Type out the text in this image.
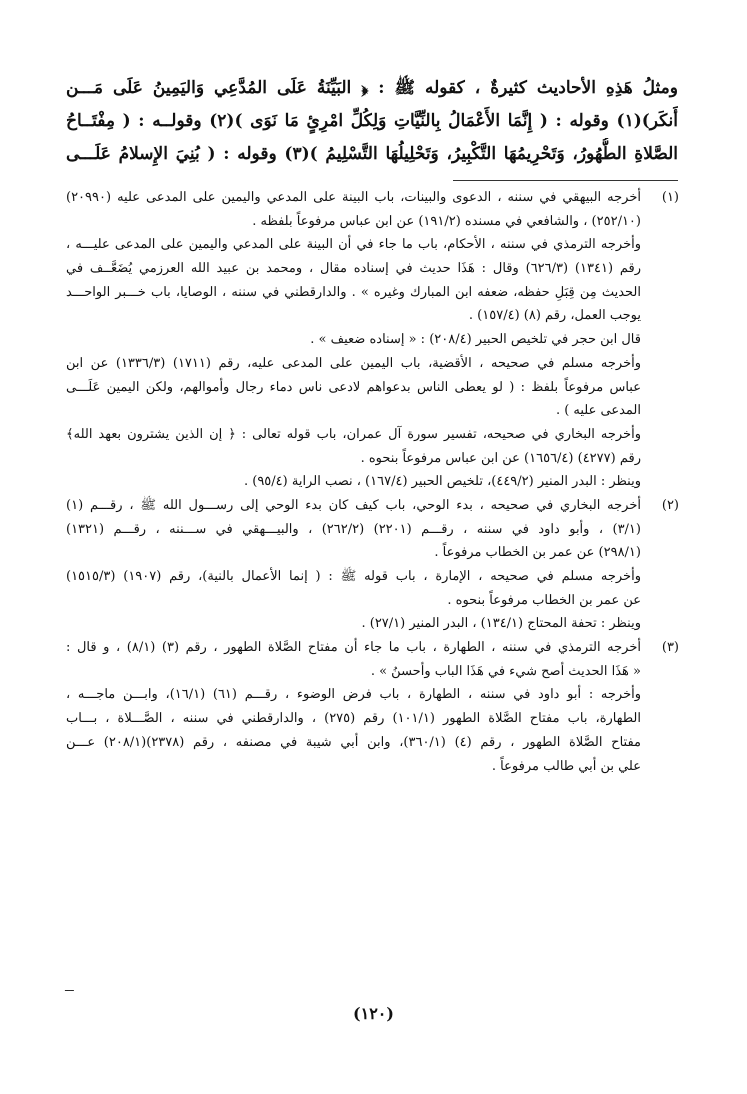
ومثلُ هَذِهِ الأحاديث كثيرةٌ ، كقوله ﷺ : ﴿ البَيِّنَةُ عَلَى المُدَّعِي وَاليَمِينُ عَلَى مَـــن
أَنكَر)(١) وقوله : ( إِنَّمَا الأَعْمَالُ بِالنِّيَّاتِ وَلِكُلِّ امْرِئٍ مَا نَوَى )(٢) وقولــه : ( مِفْتَــاحُ
الصَّلاةِ الطُّهُورُ، وَتَحْرِيمُهَا التَّكْبِيرُ، وَتَحْلِيلُهَا التَّسْلِيمُ )(٣) وقوله : ( بُنِيَ الإِسلامُ عَلَـــى
(١)
أخرجه البيهقي في سننه ، الدعوى والبينات، باب البينة على المدعي واليمين على المدعى عليه (٢٠٩٩٠)
(٢٥٢/١٠) ، والشافعي في مسنده (١٩١/٢) عن ابن عباس مرفوعاً بلفظه .
وأخرجه الترمذي في سننه ، الأحكام، باب ما جاء في أن البينة على المدعي واليمين على المدعى عليـــه ،
رقم (١٣٤١) (٦٢٦/٣) وقال : هَذَا حديث في إسناده مقال ، ومحمد بن عبيد الله العرزمي يُضَعَّــف في
الحديث مِن قِبَلِ حفظه، ضعفه ابن المبارك وغيره » . والدارقطني في سننه ، الوصايا، باب خـــبر الواحـــد
يوجب العمل، رقم (٨) (١٥٧/٤) .
قال ابن حجر في تلخيص الحبير (٢٠٨/٤) : « إسناده ضعيف » .
وأخرجه مسلم في صحيحه ، الأقضية، باب اليمين على المدعى عليه، رقم (١٧١١) (١٣٣٦/٣) عن ابن
عباس مرفوعاً بلفظ : ( لو يعطى الناس بدعواهم لادعى ناس دماء رجال وأموالهم، ولكن اليمين عَلَـــى
المدعى عليه ) .
وأخرجه البخاري في صحيحه، تفسير سورة آل عمران، باب قوله تعالى : ﴿ إن الذين يشترون بعهد الله﴾
رقم (٤٢٧٧) (١٦٥٦/٤) عن ابن عباس مرفوعاً بنحوه .
وينظر : البدر المنير (٤٤٩/٢)، تلخيص الحبير (١٦٧/٤) ، نصب الراية (٩٥/٤) .
(٢)
أخرجه البخاري في صحيحه ، بدء الوحي، باب كيف كان بدء الوحي إلى رســـول الله ﷺ ، رقـــم (١)
(٣/١) ، وأبو داود في سننه ، رقـــم (٢٢٠١) (٢٦٢/٢) ، والبيـــهقي في ســـننه ، رقـــم (١٣٢١)
(٢٩٨/١) عن عمر بن الخطاب مرفوعاً .
وأخرجه مسلم في صحيحه ، الإمارة ، باب قوله ﷺ : ( إنما الأعمال بالنية)، رقم (١٩٠٧) (١٥١٥/٣)
عن عمر بن الخطاب مرفوعاً بنحوه .
وينظر : تحفة المحتاج (١٣٤/١) ، البدر المنير (٢٧/١) .
(٣)
أخرجه الترمذي في سننه ، الطهارة ، باب ما جاء أن مفتاح الصَّلاة الطهور ، رقم (٣) (٨/١) ، و قال :
« هَذَا الحديث أصح شيء في هَذَا الباب وأحسنُ » .
وأخرجه : أبو داود في سننه ، الطهارة ، باب فرض الوضوء ، رقـــم (٦١) (١٦/١)، وابـــن ماجـــه ،
الطهارة، باب مفتاح الصَّلاة الطهور (١٠١/١) رقم (٢٧٥) ، والدارقطني في سننه ، الصَّـــلاة ، بـــاب
مفتاح الصَّلاة الطهور ، رقم (٤) (٣٦٠/١)، وابن أبي شيبة في مصنفه ، رقم (٢٣٧٨)(٢٠٨/١) عـــن
علي بن أبي طالب مرفوعاً .
ـــ
(١٢٠)
